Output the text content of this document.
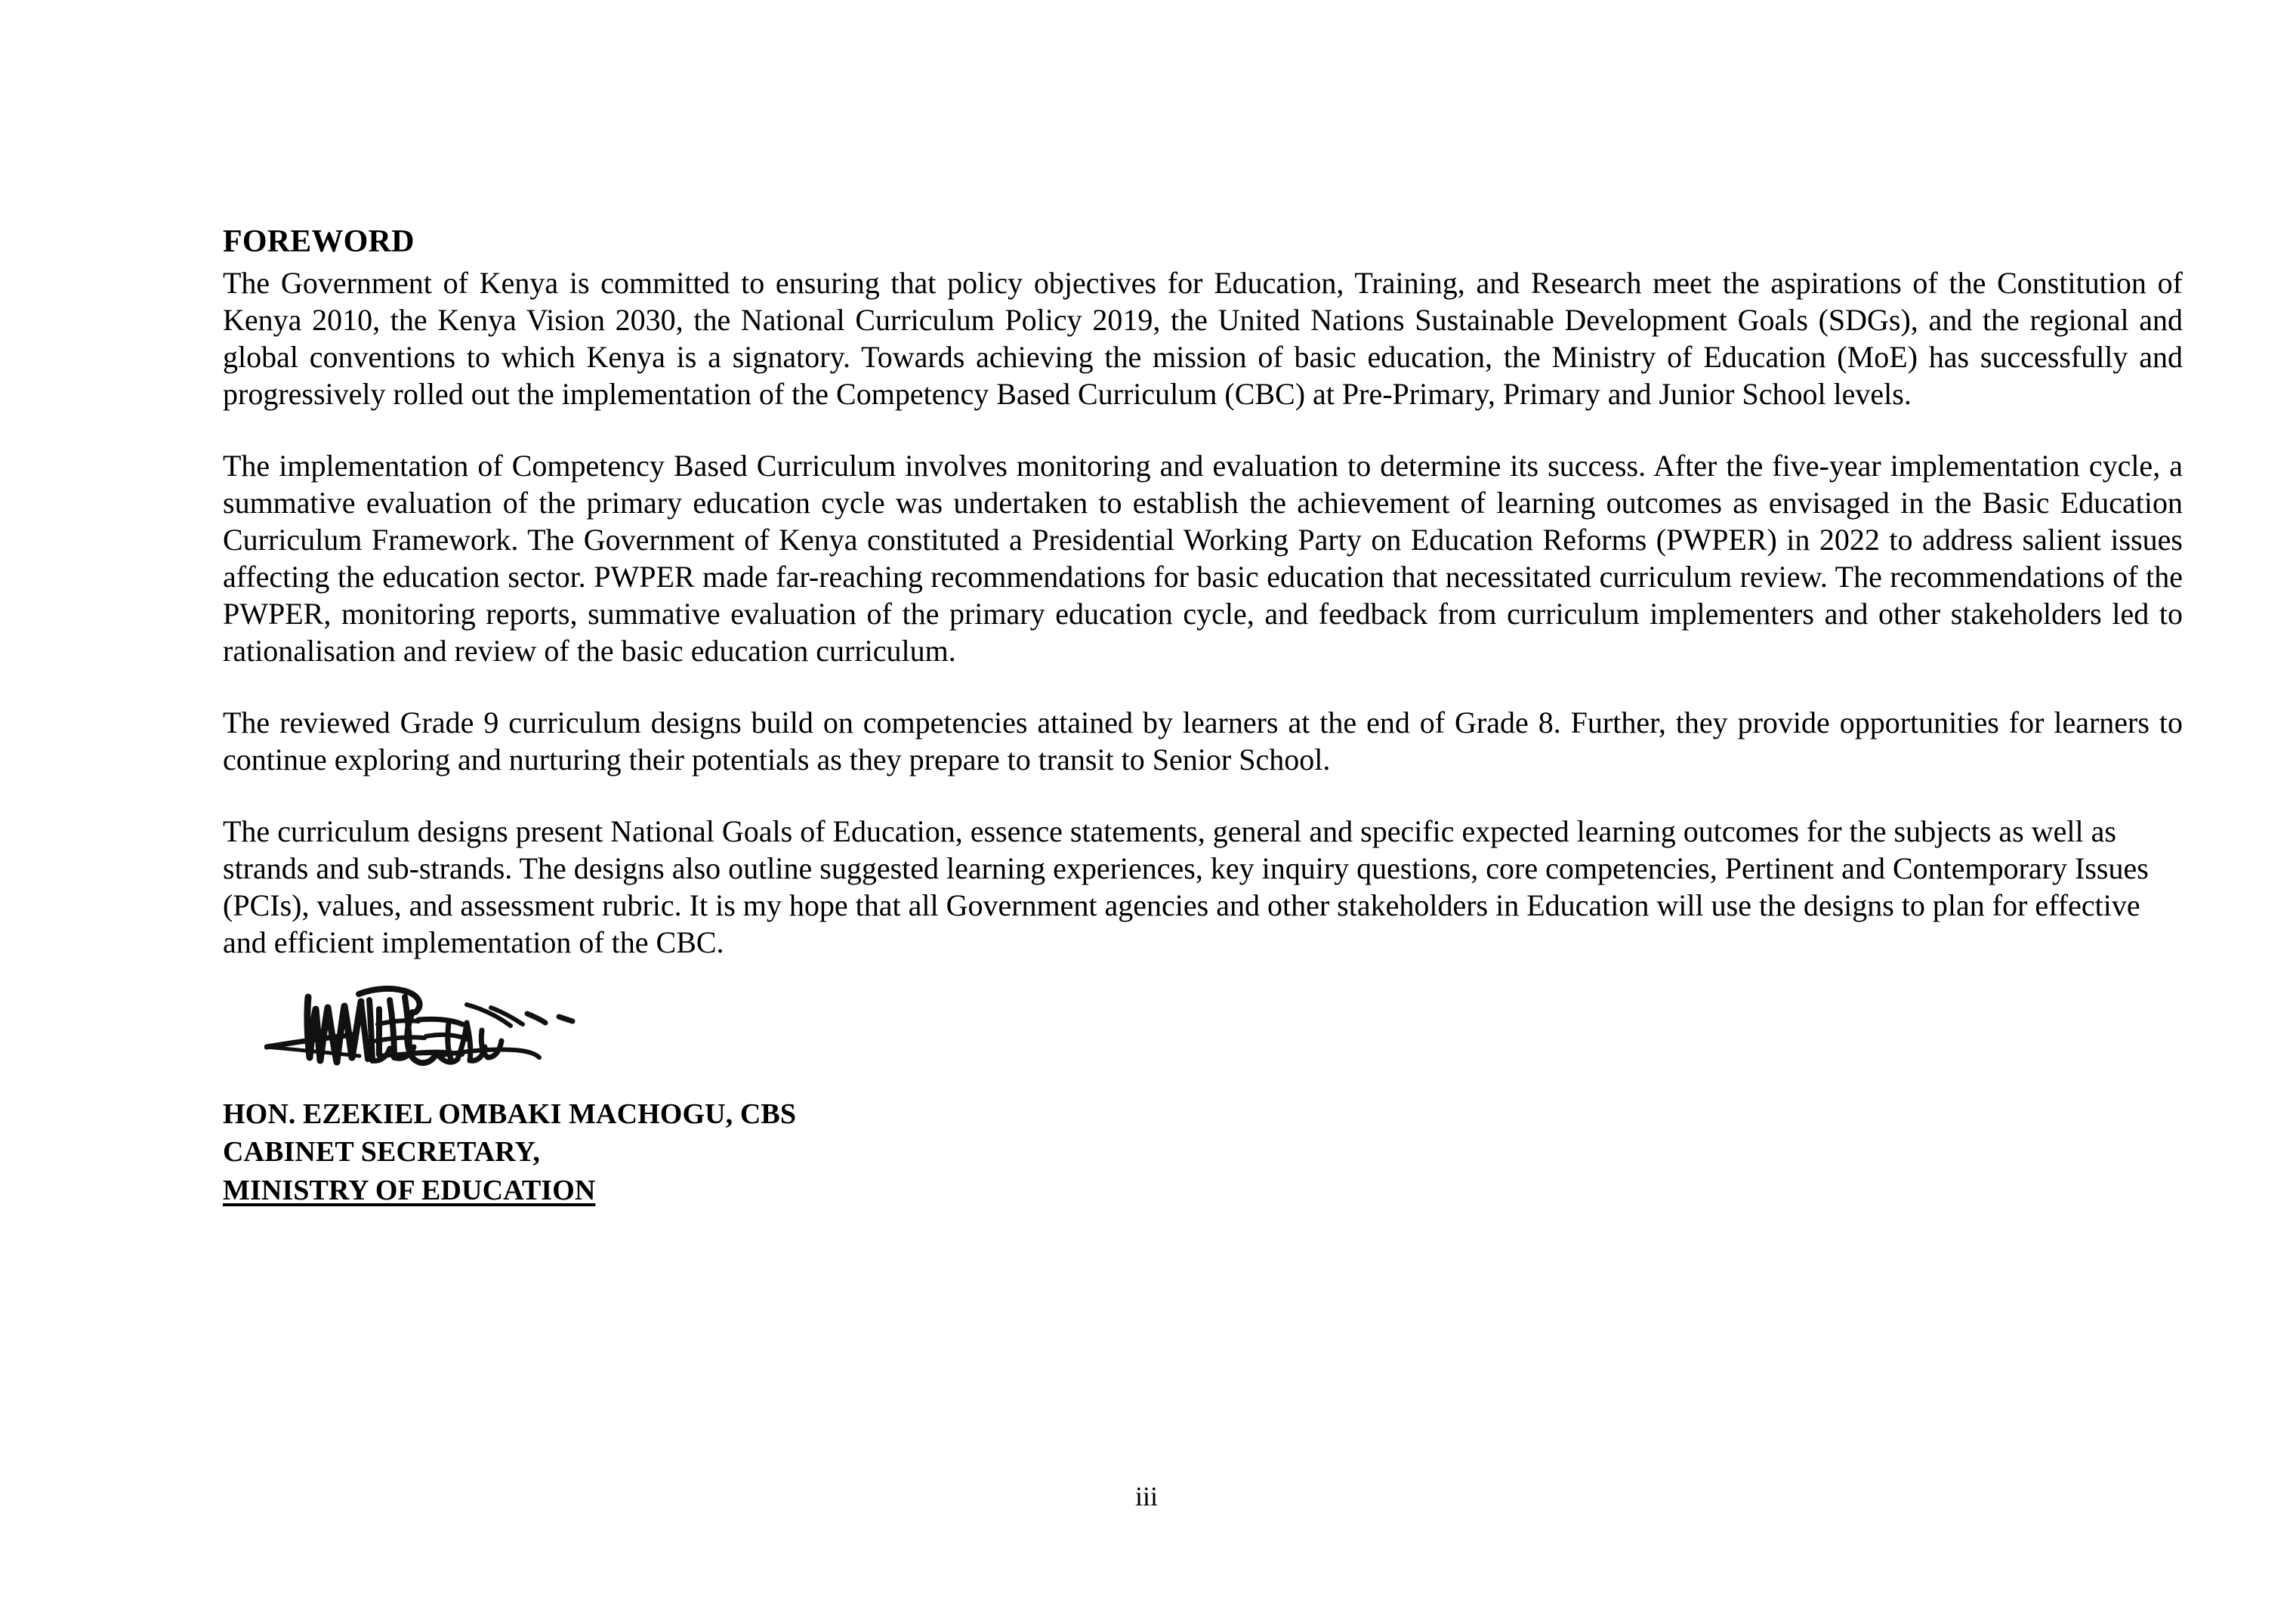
FOREWORD

The Government of Kenya is committed to ensuring that policy objectives for Education, Training, and Research meet the aspirations of the Constitution of Kenya 2010, the Kenya Vision 2030, the National Curriculum Policy 2019, the United Nations Sustainable Development Goals (SDGs), and the regional and global conventions to which Kenya is a signatory. Towards achieving the mission of basic education, the Ministry of Education (MoE) has successfully and progressively rolled out the implementation of the Competency Based Curriculum (CBC) at Pre-Primary, Primary and Junior School levels.

The implementation of Competency Based Curriculum involves monitoring and evaluation to determine its success. After the five-year implementation cycle, a summative evaluation of the primary education cycle was undertaken to establish the achievement of learning outcomes as envisaged in the Basic Education Curriculum Framework. The Government of Kenya constituted a Presidential Working Party on Education Reforms (PWPER) in 2022 to address salient issues affecting the education sector. PWPER made far-reaching recommendations for basic education that necessitated curriculum review. The recommendations of the PWPER, monitoring reports, summative evaluation of the primary education cycle, and feedback from curriculum implementers and other stakeholders led to rationalisation and review of the basic education curriculum.

The reviewed Grade 9 curriculum designs build on competencies attained by learners at the end of Grade 8. Further, they provide opportunities for learners to continue exploring and nurturing their potentials as they prepare to transit to Senior School.

The curriculum designs present National Goals of Education, essence statements, general and specific expected learning outcomes for the subjects as well as strands and sub-strands. The designs also outline suggested learning experiences, key inquiry questions, core competencies, Pertinent and Contemporary Issues (PCIs), values, and assessment rubric. It is my hope that all Government agencies and other stakeholders in Education will use the designs to plan for effective and efficient implementation of the CBC.

HON. EZEKIEL OMBAKI MACHOGU, CBS
CABINET SECRETARY,
MINISTRY OF EDUCATION
iii
